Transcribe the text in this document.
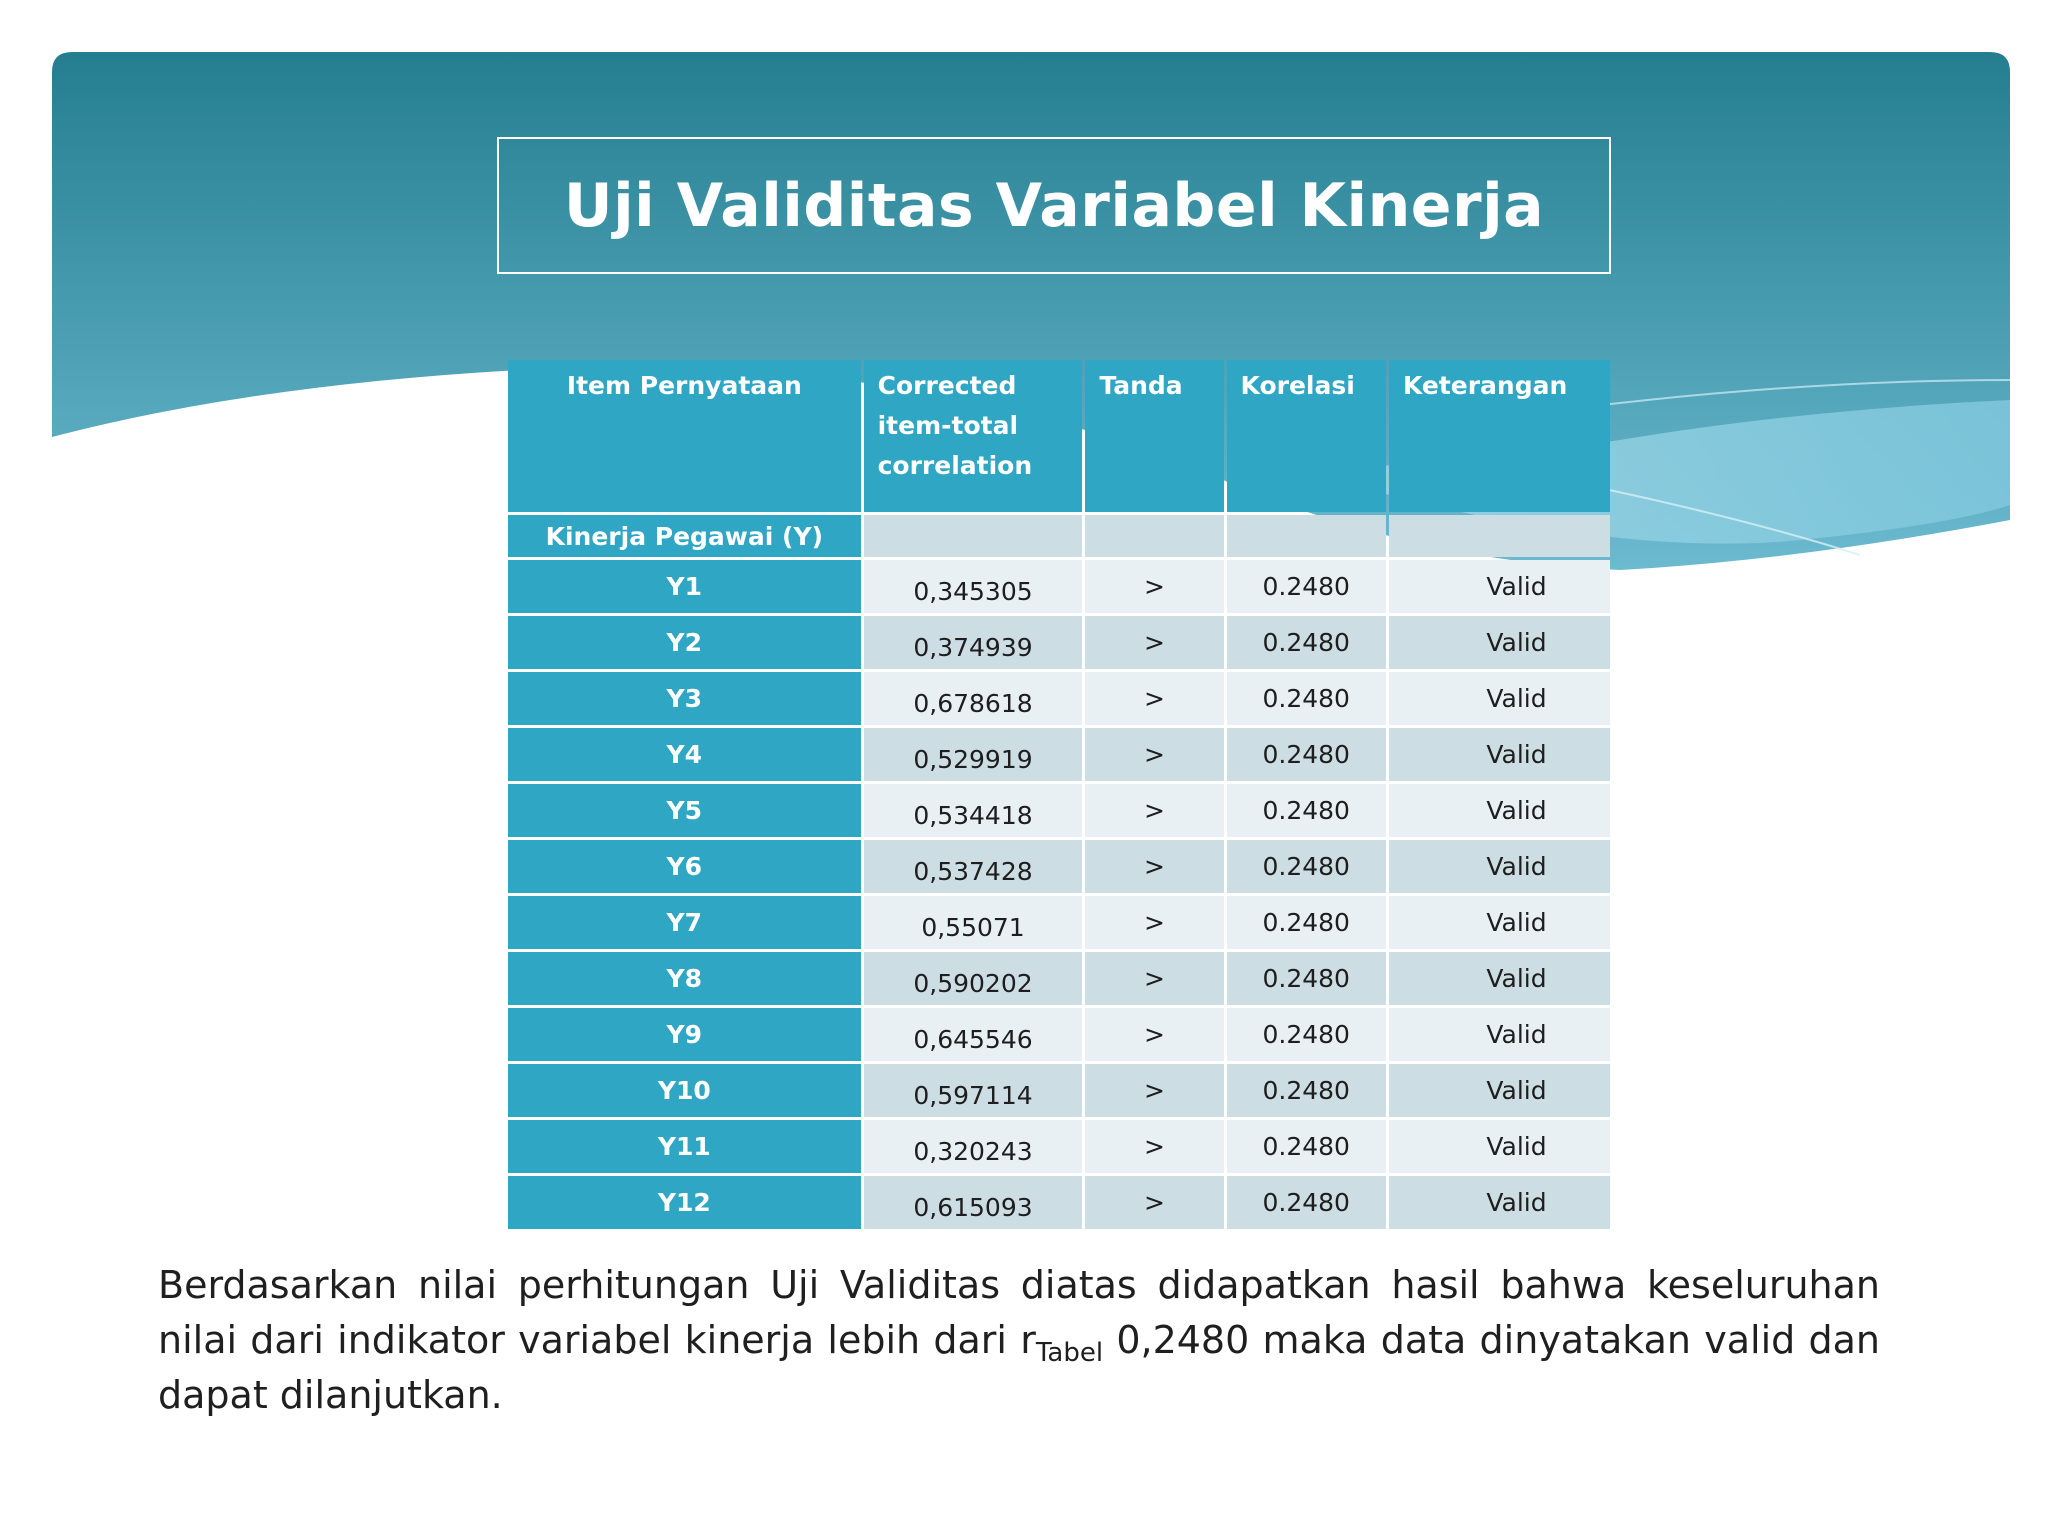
Uji Validitas Variabel Kinerja
Item Pernyataan	Corrected item-total correlation	Tanda	Korelasi	Keterangan
Kinerja Pegawai (Y)				
Y1	0,345305	>	0.2480	Valid
Y2	0,374939	>	0.2480	Valid
Y3	0,678618	>	0.2480	Valid
Y4	0,529919	>	0.2480	Valid
Y5	0,534418	>	0.2480	Valid
Y6	0,537428	>	0.2480	Valid
Y7	0,55071	>	0.2480	Valid
Y8	0,590202	>	0.2480	Valid
Y9	0,645546	>	0.2480	Valid
Y10	0,597114	>	0.2480	Valid
Y11	0,320243	>	0.2480	Valid
Y12	0,615093	>	0.2480	Valid
Berdasarkan nilai perhitungan Uji Validitas diatas didapatkan hasil bahwa keseluruhan
nilai dari indikator variabel kinerja lebih dari $r_{Tabel}$ 0,2480 maka data dinyatakan valid dan
dapat dilanjutkan.
